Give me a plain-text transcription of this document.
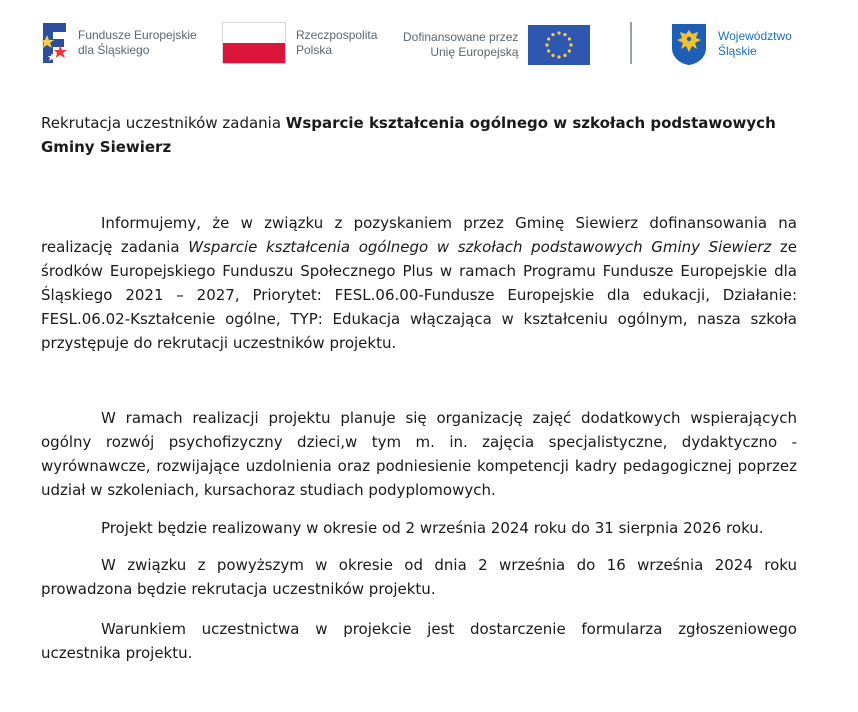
Fundusze Europejskie
dla Śląskiego
Rzeczpospolita
Polska
Dofinansowane przez
Unię Europejską
Województwo
Śląskie

Rekrutacja uczestników zadania Wsparcie kształcenia ogólnego w szkołach podstawowych Gminy Siewierz

Informujemy, że w związku z pozyskaniem przez Gminę Siewierz dofinansowania na realizację zadania Wsparcie kształcenia ogólnego w szkołach podstawowych Gminy Siewierz ze środków Europejskiego Funduszu Społecznego Plus w ramach Programu Fundusze Europejskie dla Śląskiego 2021 – 2027, Priorytet: FESL.06.00-Fundusze Europejskie dla edukacji, Działanie: FESL.06.02-Kształcenie ogólne, TYP: Edukacja włączająca w kształceniu ogólnym, nasza szkoła przystępuje do rekrutacji uczestników projektu.

W ramach realizacji projektu planuje się organizację zajęć dodatkowych wspierających ogólny rozwój psychofizyczny dzieci,w tym m. in. zajęcia specjalistyczne, dydaktyczno - wyrównawcze, rozwijające uzdolnienia oraz podniesienie kompetencji kadry pedagogicznej poprzez udział w szkoleniach, kursachoraz studiach podyplomowych.

Projekt będzie realizowany w okresie od 2 września 2024 roku do 31 sierpnia 2026 roku.

W związku z powyższym w okresie od dnia 2 września do 16 września 2024 roku prowadzona będzie rekrutacja uczestników projektu.

Warunkiem uczestnictwa w projekcie jest dostarczenie formularza zgłoszeniowego uczestnika projektu.
